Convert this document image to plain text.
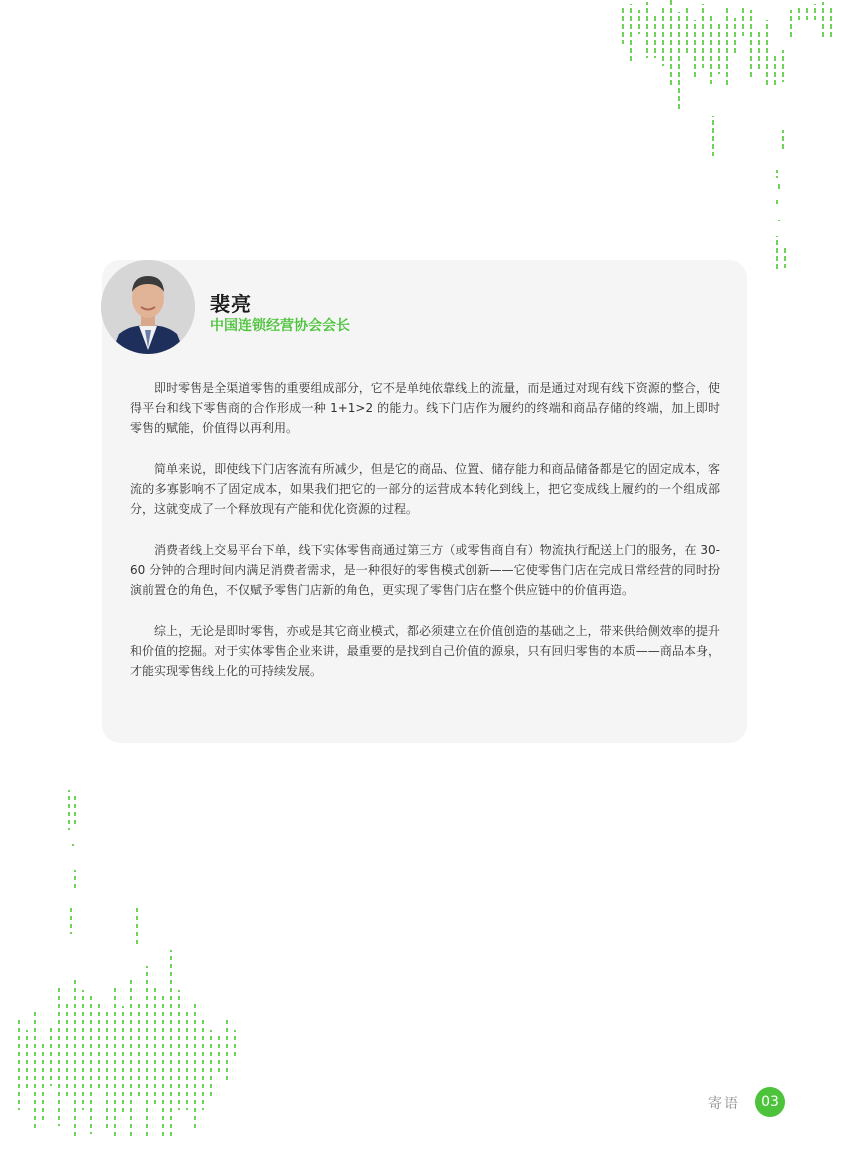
裴亮
中国连锁经营协会会长

即时零售是全渠道零售的重要组成部分，它不是单纯依靠线上的流量，而是通过对现有线下资源的整合，使得平台和线下零售商的合作形成一种 1+1>2 的能力。线下门店作为履约的终端和商品存储的终端，加上即时零售的赋能，价值得以再利用。

简单来说，即使线下门店客流有所减少，但是它的商品、位置、储存能力和商品储备都是它的固定成本，客流的多寡影响不了固定成本，如果我们把它的一部分的运营成本转化到线上，把它变成线上履约的一个组成部分，这就变成了一个释放现有产能和优化资源的过程。

消费者线上交易平台下单，线下实体零售商通过第三方（或零售商自有）物流执行配送上门的服务，在 30-60 分钟的合理时间内满足消费者需求，是一种很好的零售模式创新——它使零售门店在完成日常经营的同时扮演前置仓的角色，不仅赋予零售门店新的角色，更实现了零售门店在整个供应链中的价值再造。

综上，无论是即时零售，亦或是其它商业模式，都必须建立在价值创造的基础之上，带来供给侧效率的提升和价值的挖掘。对于实体零售企业来讲，最重要的是找到自己价值的源泉，只有回归零售的本质——商品本身，才能实现零售线上化的可持续发展。

寄语	03
